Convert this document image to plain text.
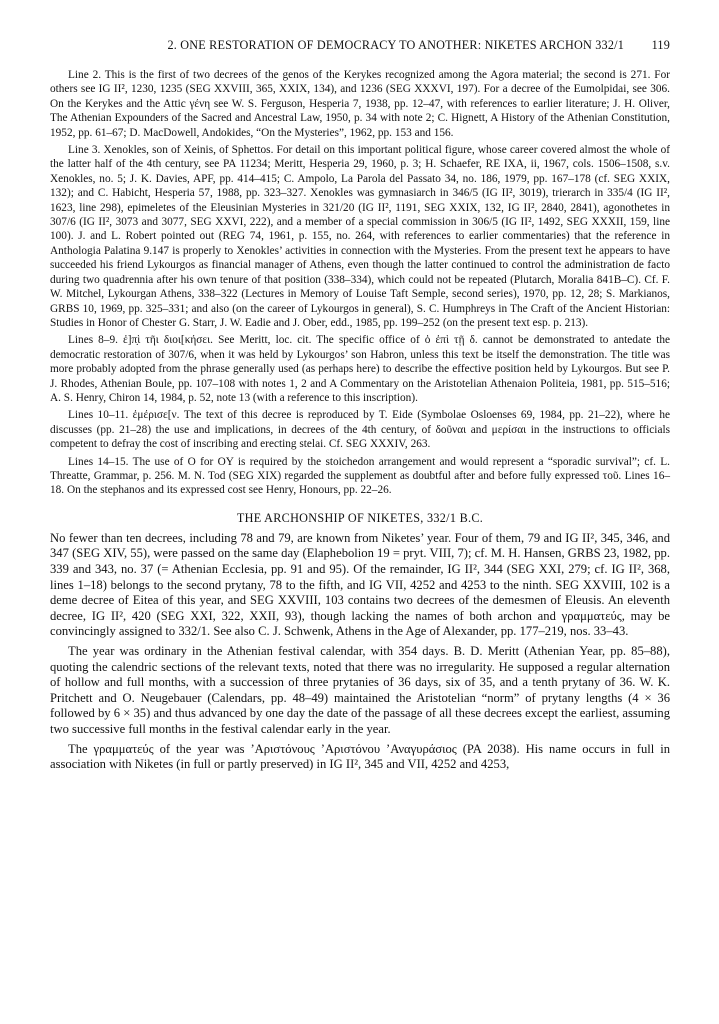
2. ONE RESTORATION OF DEMOCRACY TO ANOTHER: NIKETES ARCHON 332/1 119

Line 2. This is the first of two decrees of the genos of the Kerykes recognized among the Agora material; the second is 271. For others see IG II², 1230, 1235 (SEG XXVIII, 365, XXIX, 134), and 1236 (SEG XXXVI, 197). For a decree of the Eumolpidai, see 306. On the Kerykes and the Attic γένη see W. S. Ferguson, Hesperia 7, 1938, pp. 12–47, with references to earlier literature; J. H. Oliver, The Athenian Expounders of the Sacred and Ancestral Law, 1950, p. 34 with note 2; C. Hignett, A History of the Athenian Constitution, 1952, pp. 61–67; D. MacDowell, Andokides, “On the Mysteries”, 1962, pp. 153 and 156.

Line 3. Xenokles, son of Xeinis, of Sphettos. For detail on this important political figure, whose career covered almost the whole of the latter half of the 4th century, see PA 11234; Meritt, Hesperia 29, 1960, p. 3; H. Schaefer, RE IXA, ii, 1967, cols. 1506–1508, s.v. Xenokles, no. 5; J. K. Davies, APF, pp. 414–415; C. Ampolo, La Parola del Passato 34, no. 186, 1979, pp. 167–178 (cf. SEG XXIX, 132); and C. Habicht, Hesperia 57, 1988, pp. 323–327. Xenokles was gymnasiarch in 346/5 (IG II², 3019), trierarch in 335/4 (IG II², 1623, line 298), epimeletes of the Eleusinian Mysteries in 321/20 (IG II², 1191, SEG XXIX, 132, IG II², 2840, 2841), agonothetes in 307/6 (IG II², 3073 and 3077, SEG XXVI, 222), and a member of a special commission in 306/5 (IG II², 1492, SEG XXXII, 159, line 100). J. and L. Robert pointed out (REG 74, 1961, p. 155, no. 264, with references to earlier commentaries) that the reference in Anthologia Palatina 9.147 is properly to Xenokles’ activities in connection with the Mysteries. From the present text he appears to have succeeded his friend Lykourgos as financial manager of Athens, even though the latter continued to control the administration de facto during two quadrennia after his own tenure of that position (338–334), which could not be repeated (Plutarch, Moralia 841B–C). Cf. F. W. Mitchel, Lykourgan Athens, 338–322 (Lectures in Memory of Louise Taft Semple, second series), 1970, pp. 12, 28; S. Markianos, GRBS 10, 1969, pp. 325–331; and also (on the career of Lykourgos in general), S. C. Humphreys in The Craft of the Ancient Historian: Studies in Honor of Chester G. Starr, J. W. Eadie and J. Ober, edd., 1985, pp. 199–252 (on the present text esp. p. 213).

Lines 8–9. ἐ]π̣ὶ τῆι διοι[κήσει. See Meritt, loc. cit. The specific office of ὁ ἐπὶ τῇ δ. cannot be demonstrated to antedate the democratic restoration of 307/6, when it was held by Lykourgos’ son Habron, unless this text be itself the demonstration. The title was more probably adopted from the phrase generally used (as perhaps here) to describe the effective position held by Lykourgos. But see P. J. Rhodes, Athenian Boule, pp. 107–108 with notes 1, 2 and A Commentary on the Aristotelian Athenaion Politeia, 1981, pp. 515–516; A. S. Henry, Chiron 14, 1984, p. 52, note 13 (with a reference to this inscription).

Lines 10–11. ἐμέρισε[ν. The text of this decree is reproduced by T. Eide (Symbolae Osloenses 69, 1984, pp. 21–22), where he discusses (pp. 21–28) the use and implications, in decrees of the 4th century, of δοῦναι and μερίσαι in the instructions to officials competent to defray the cost of inscribing and erecting stelai. Cf. SEG XXXIV, 263.

Lines 14–15. The use of O for OΥ is required by the stoichedon arrangement and would represent a “sporadic survival”; cf. L. Threatte, Grammar, p. 256. M. N. Tod (SEG XIX) regarded the supplement as doubtful after and before fully expressed τοῦ. Lines 16–18. On the stephanos and its expressed cost see Henry, Honours, pp. 22–26.

THE ARCHONSHIP OF NIKETES, 332/1 B.C.

No fewer than ten decrees, including 78 and 79, are known from Niketes’ year. Four of them, 79 and IG II², 345, 346, and 347 (SEG XIV, 55), were passed on the same day (Elaphebolion 19 = pryt. VIII, 7); cf. M. H. Hansen, GRBS 23, 1982, pp. 339 and 343, no. 37 (= Athenian Ecclesia, pp. 91 and 95). Of the remainder, IG II², 344 (SEG XXI, 279; cf. IG II², 368, lines 1–18) belongs to the second prytany, 78 to the fifth, and IG VII, 4252 and 4253 to the ninth. SEG XXVIII, 102 is a deme decree of Eitea of this year, and SEG XXVIII, 103 contains two decrees of the demesmen of Eleusis. An eleventh decree, IG II², 420 (SEG XXI, 322, XXII, 93), though lacking the names of both archon and γραμματεύς, may be convincingly assigned to 332/1. See also C. J. Schwenk, Athens in the Age of Alexander, pp. 177–219, nos. 33–43.

The year was ordinary in the Athenian festival calendar, with 354 days. B. D. Meritt (Athenian Year, pp. 85–88), quoting the calendric sections of the relevant texts, noted that there was no irregularity. He supposed a regular alternation of hollow and full months, with a succession of three prytanies of 36 days, six of 35, and a tenth prytany of 36. W. K. Pritchett and O. Neugebauer (Calendars, pp. 48–49) maintained the Aristotelian “norm” of prytany lengths (4 × 36 followed by 6 × 35) and thus advanced by one day the date of the passage of all these decrees except the earliest, assuming two successive full months in the festival calendar early in the year.

The γραμματεύς of the year was ’Αριστόνους ’Αριστόνου ’Αναγυράσιος (PA 2038). His name occurs in full in association with Niketes (in full or partly preserved) in IG II², 345 and VII, 4252 and 4253,
